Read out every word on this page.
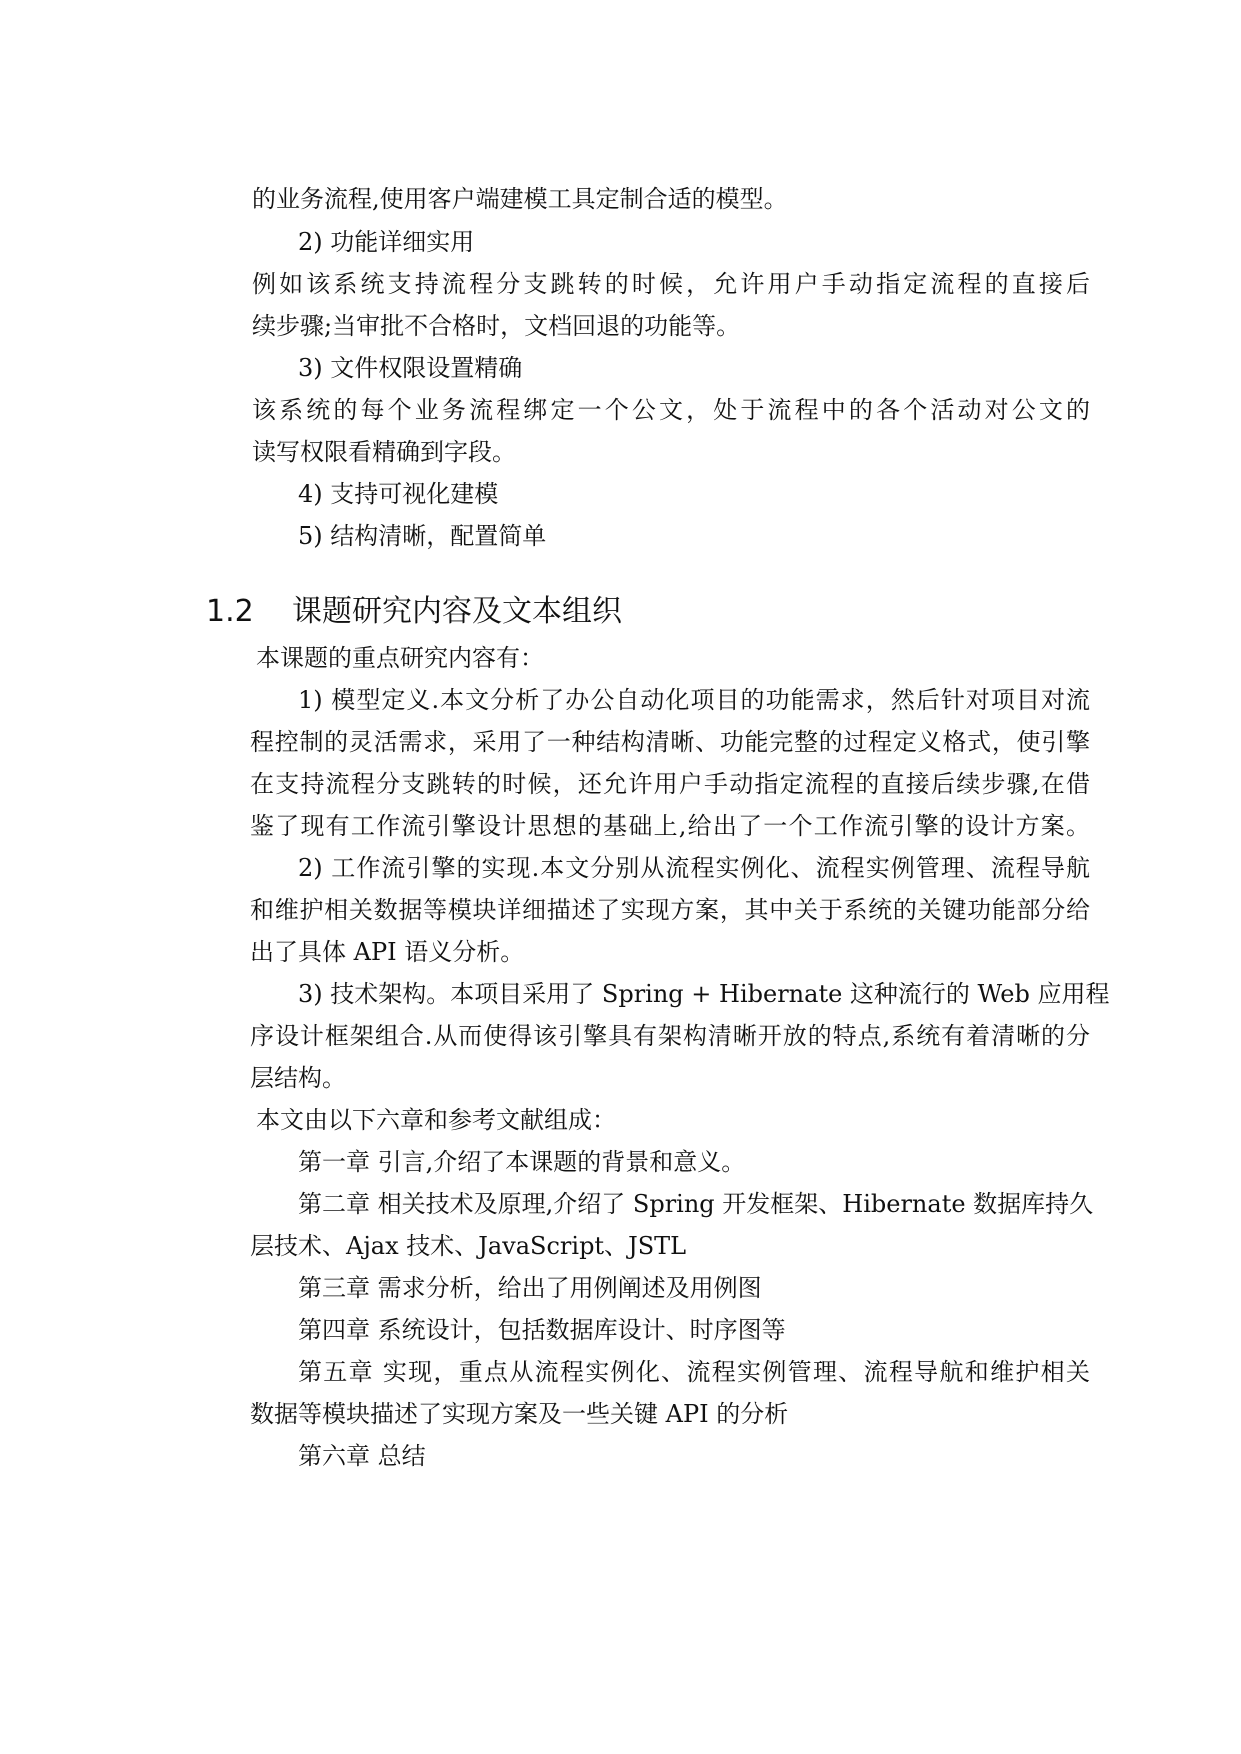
的业务流程,使用客户端建模工具定制合适的模型。
2) 功能详细实用
例如该系统支持流程分支跳转的时候，允许用户手动指定流程的直接后
续步骤;当审批不合格时，文档回退的功能等。
3) 文件权限设置精确
该系统的每个业务流程绑定一个公文，处于流程中的各个活动对公文的
读写权限看精确到字段。
4) 支持可视化建模
5) 结构清晰，配置简单
1.2 课题研究内容及文本组织
本课题的重点研究内容有：
1) 模型定义.本文分析了办公自动化项目的功能需求，然后针对项目对流
程控制的灵活需求，采用了一种结构清晰、功能完整的过程定义格式，使引擎
在支持流程分支跳转的时候，还允许用户手动指定流程的直接后续步骤,在借
鉴了现有工作流引擎设计思想的基础上,给出了一个工作流引擎的设计方案。
2) 工作流引擎的实现.本文分别从流程实例化、流程实例管理、流程导航
和维护相关数据等模块详细描述了实现方案，其中关于系统的关键功能部分给
出了具体 API 语义分析。
3) 技术架构。本项目采用了 Spring + Hibernate 这种流行的 Web 应用程
序设计框架组合.从而使得该引擎具有架构清晰开放的特点,系统有着清晰的分
层结构。
本文由以下六章和参考文献组成：
第一章 引言,介绍了本课题的背景和意义。
第二章 相关技术及原理,介绍了 Spring 开发框架、Hibernate 数据库持久
层技术、Ajax 技术、JavaScript、JSTL
第三章 需求分析，给出了用例阐述及用例图
第四章 系统设计，包括数据库设计、时序图等
第五章 实现，重点从流程实例化、流程实例管理、流程导航和维护相关
数据等模块描述了实现方案及一些关键 API 的分析
第六章 总结
